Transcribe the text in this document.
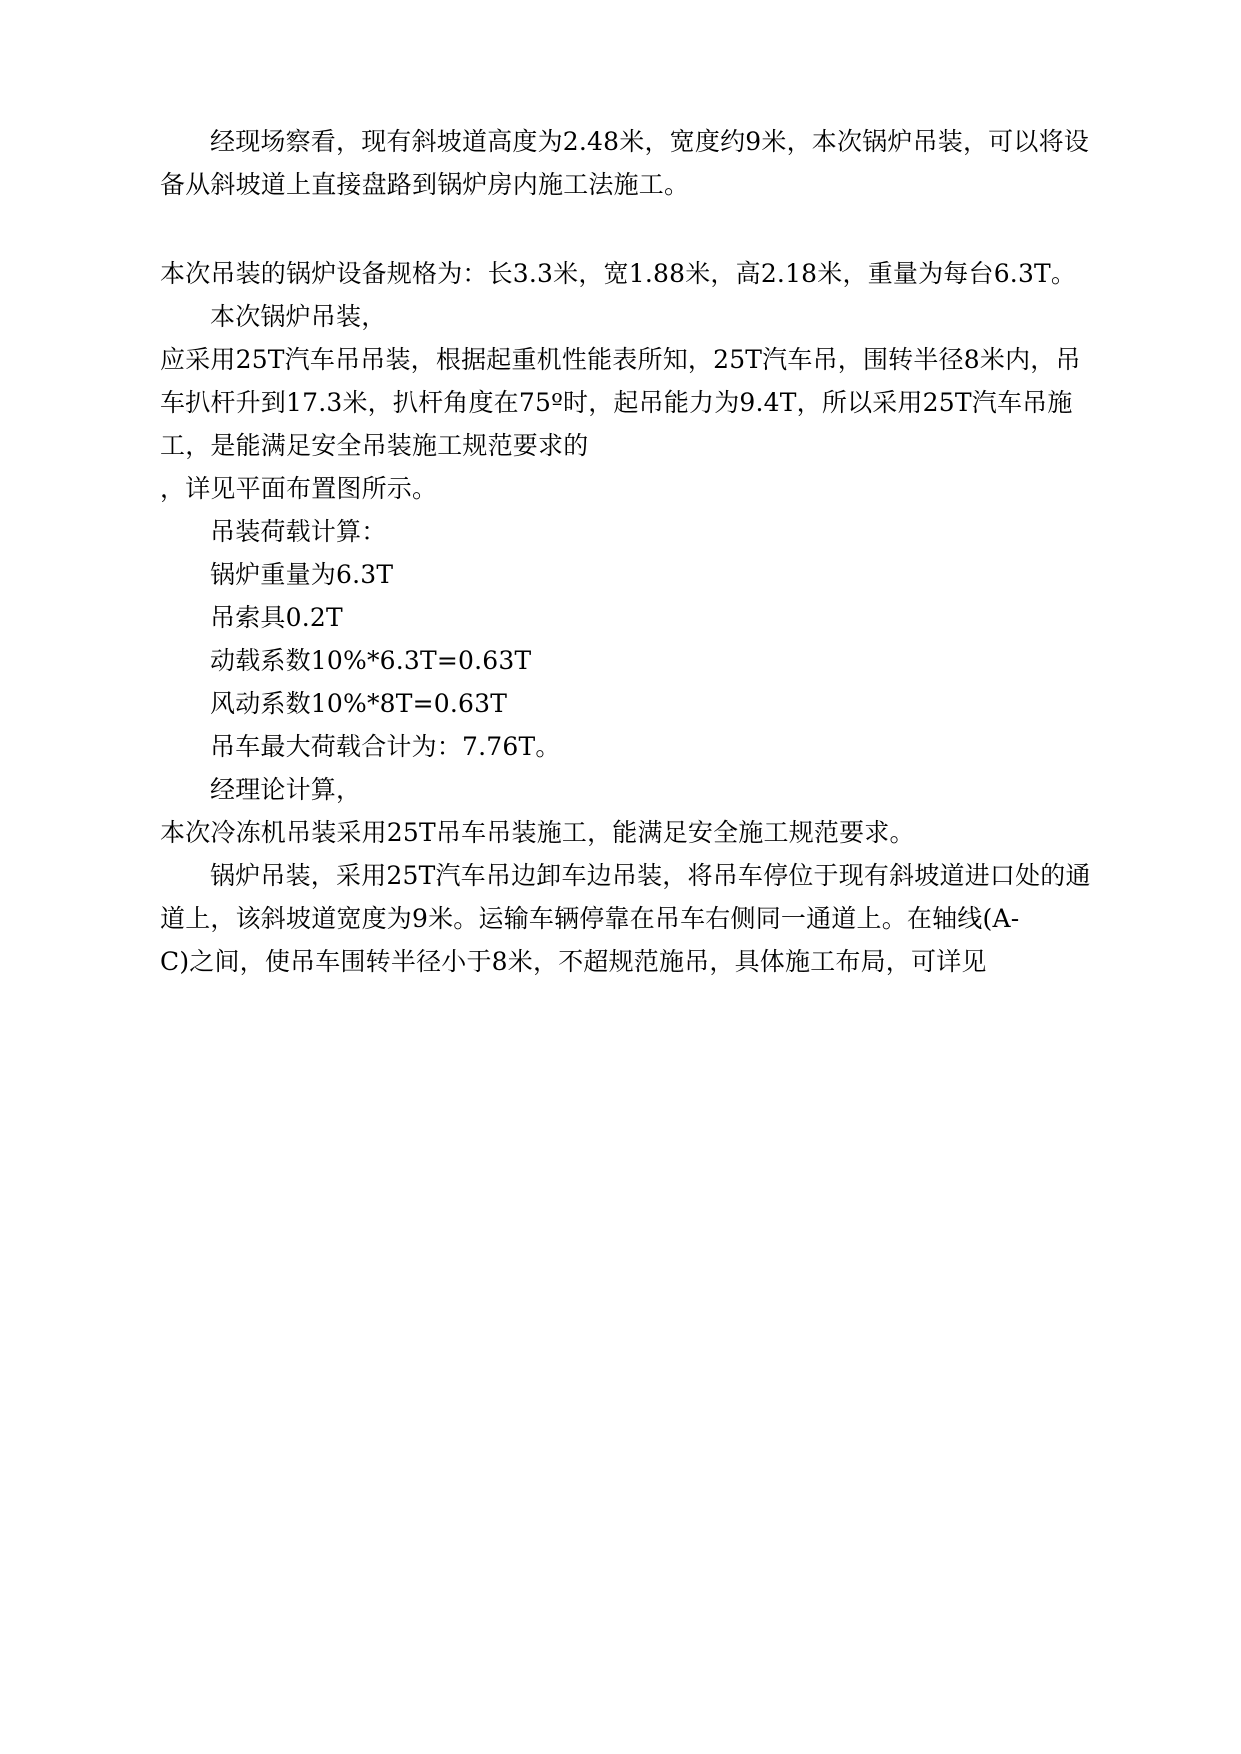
经现场察看，现有斜坡道高度为2.48米，宽度约9米，本次锅炉吊装，可以将设备从斜坡道上直接盘路到锅炉房内施工法施工。

本次吊装的锅炉设备规格为：长3.3米，宽1.88米，高2.18米，重量为每台6.3T。

本次锅炉吊装，

应采用25T汽车吊吊装，根据起重机性能表所知，25T汽车吊，围转半径8米内，吊车扒杆升到17.3米，扒杆角度在75º时，起吊能力为9.4T，所以采用25T汽车吊施工，是能满足安全吊装施工规范要求的

，详见平面布置图所示。

吊装荷载计算：

锅炉重量为6.3T

吊索具0.2T

动载系数10%*6.3T=0.63T

风动系数10%*8T=0.63T

吊车最大荷载合计为：7.76T。

经理论计算，

本次冷冻机吊装采用25T吊车吊装施工，能满足安全施工规范要求。

锅炉吊装，采用25T汽车吊边卸车边吊装，将吊车停位于现有斜坡道进口处的通道上，该斜坡道宽度为9米。运输车辆停靠在吊车右侧同一通道上。在轴线(A-

C)之间，使吊车围转半径小于8米，不超规范施吊，具体施工布局，可详见
